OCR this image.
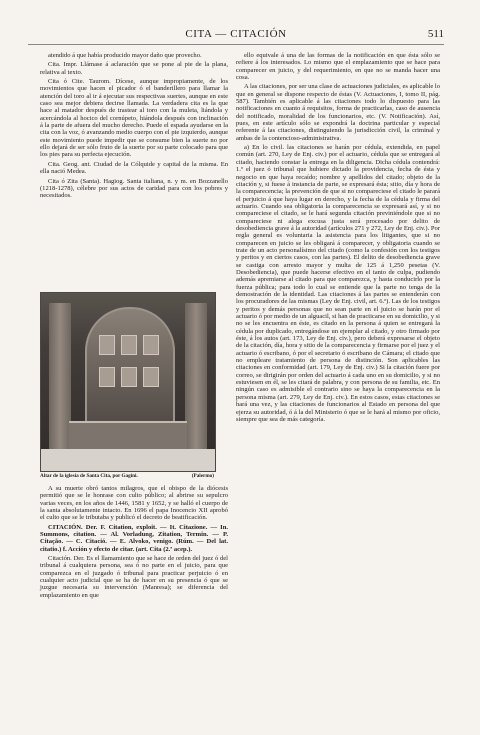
CITA — CITACIÓN	511

atendido á que había producido mayor daño que provecho.

Cita. Impr. Llámase á aclaración que se pone al pie de la plana, relativa al texto.

Cita ó Cite. Taurom. Dícese, aunque impropiamente, de los movimientos que hacen el picador ó el banderillero para llamar la atención del toro al ir á ejecutar sus respectivas suertes, aunque en este caso sea mejor debiera decirse llamada. La verdadera cita es la que hace al matador después de trastear al toro con la muleta, liándola y acercándola al hocico del cornúpeto, hiándola después con inclinación á la parte de afuera del mucho derecho. Puede el espada ayudarse en la cita con la voz, ó avanzando medio cuerpo con el pie izquierdo, aunque este movimiento puede impedir que se consume bien la suerte no por ello dejará de ser sólo fruto de la suerte por su parte colocado para que los pies para su perfecta ejecución.

Cita. Geog. ant. Ciudad de la Cólquide y capital de la misma. En ella nació Medea.

Cita ó Zita (Santa). Hagiog. Santa italiana, n. y m. en Bozzanello (1218-1278), célebre por sus actos de caridad para con los pobres y necesitados.

Altar de la iglesia de Santa Cita, por Gagini.	(Palermo)

A su muerte obró tantos milagros, que el obispo de la diócesis permitió que se le honrase con culto público; al abrirse su sepulcro varias veces, en los años de 1446, 1581 y 1652, y se halló el cuerpo de la santa absolutamente intacto. En 1696 el papa Inocencio XII aprobó el culto que se le tributaba y publicó el decreto de beatificación.

CITACIÓN. Der. F. Citation, exploit. — It. Citazione. — In. Summons, citation. — Al. Vorladung, Zitation, Termin. — P. Citação. — C. Citació. — E. Alvoko, venigo. (Rúm. — Del lat. citatio.) f. Acción y efecto de citar. (art. Cita (2.ª acep.).

Citación. Der. Es el llamamiento que se hace de orden del juez ó del tribunal á cualquiera persona, sea ó no parte en el juicio, para que comparezca en el juzgado ó tribunal para practicar perjuicio ó en cualquier acto judicial que se ha de hacer en su presencia ó que se juzgue necesaria su intervención (Manresa); se diferencia del emplazamiento en que

ello equivale á una de las formas de la notificación en que ésta sólo se refiere á los interesados. Lo mismo que el emplazamiento que se hace para comparecer en juicio, y del requerimiento, en que no se manda hacer una cosa.

A las citaciones, por ser una clase de actuaciones judiciales, es aplicable lo que en general se dispone respecto de éstas (V. Actuaciones, I, tomo II, pág. 587). También es aplicable á las citaciones todo lo dispuesto para las notificaciones en cuanto á requisitos, forma de practicarlas, caso de ausencia del notificado, moralidad de los funcionarios, etc. (V. Notificación). Así, pues, en este artículo sólo se expondrá la doctrina particular y especial referente á las citaciones, distinguiendo la jurisdicción civil, la criminal y ambas de la contencioso-administrativa.

a) En lo civil. las citaciones se harán por cédula, extendida, en papel común (art. 270, Ley de Enj. civ.) por el actuario, cédula que se entregará al citado, haciendo constar la entrega en la diligencia. Dicha cédula contendrá: 1.º el juez ó tribunal que hubiere dictado la providencia, fecha de ésta y negocio en que haya recaído; nombre y apellidos del citado; objeto de la citación y, si fuese á instancia de parte, se expresará ésta; sitio, día y hora de la comparecencia; la prevención de que si no compareciese el citado le parará el perjuicio á que haya lugar en derecho, y la fecha de la cédula y firma del actuario. Cuando sea obligatoria la comparecencia se expresará así, y si no compareciese el citado, se le hará segunda citación previniéndole que si no compareciese ni alega excusa justa será procesado por delito de desobediencia grave á la autoridad (artículos 271 y 272, Ley de Enj. civ.). Por regla general es voluntaria la asistencia para los litigantes, que si no comparecen en juicio se les obligará á comparecer, y obligatoria cuando se trate de un acto personalísimo del citado (como la confesión con los testigos y peritos y en ciertos casos, con las partes). El delito de desobediencia grave se castiga con arresto mayor y multa de 125 á 1,250 pesetas (V. Desobediencia), que puede hacerse efectivo en el tanto de culpa, pudiendo además apremiarse al citado para que comparezca, y hasta conducirlo por la fuerza pública; para todo lo cual se entiende que la parte no tenga de la demostración de la identidad. Las citaciones á las partes se entenderán con los procuradores de las mismas (Ley de Enj. civil, art. 6.º). Las de los testigos y peritos y demás personas que no sean parte en el juicio se harán por el actuario ó por medio de un alguacil, si han de practicarse en su domicilio, y si no se les encuentra en éste, es citado en la persona á quien se entregará la cédula por duplicado, entregándose un ejemplar al citado, y otro firmado por éste, á los autos (art. 173, Ley de Enj. civ.), pero deberá expresarse el objeto de la citación, día, hora y sitio de la comparecencia y firmarse por el juez y el actuario ó escribano, ó por el secretario ó escribano de Cámara; el citado que no empleare tratamiento de persona de distinción. Son aplicables las citaciones en conformidad (art. 179, Ley de Enj. civ.) Si la citación fuere por correo, se dirigirán por orden del actuario á cada uno en su domicilio, y si no estuviesen en él, se les citará de palabra, y con persona de su familia, etc. En ningún caso es admisible el contrario sino se haya la comparecencia en la persona misma (art. 279, Ley de Enj. civ.). En estos casos, estas citaciones se hará una vez, y las citaciones de funcionarios al Estado en persona del que ejerza su autoridad, ó á la del Ministerio ó que se le hará al mismo por oficio, siempre que sea de más categoría.
